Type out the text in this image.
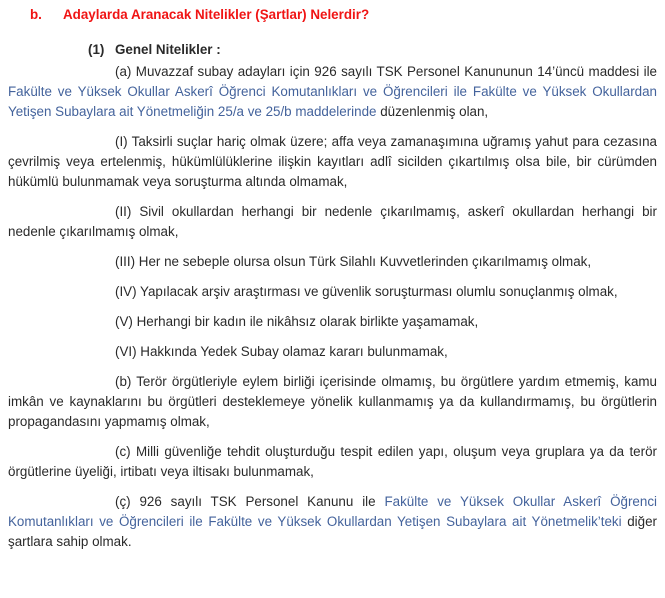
b. Adaylarda Aranacak Nitelikler (Şartlar) Nelerdir?

(1) Genel Nitelikler :

(a) Muvazzaf subay adayları için 926 sayılı TSK Personel Kanununun 14’üncü maddesi ile Fakülte ve Yüksek Okullar Askerî Öğrenci Komutanlıkları ve Öğrencileri ile Fakülte ve Yüksek Okullardan Yetişen Subaylara ait Yönetmeliğin 25/a ve 25/b maddelerinde düzenlenmiş olan,

(I) Taksirli suçlar hariç olmak üzere; affa veya zamanaşımına uğramış yahut para cezasına çevrilmiş veya ertelenmiş, hükümlülüklerine ilişkin kayıtları adlî sicilden çıkartılmış olsa bile, bir cürümden hükümlü bulunmamak veya soruşturma altında olmamak,

(II) Sivil okullardan herhangi bir nedenle çıkarılmamış, askerî okullardan herhangi bir nedenle çıkarılmamış olmak,

(III) Her ne sebeple olursa olsun Türk Silahlı Kuvvetlerinden çıkarılmamış olmak,

(IV) Yapılacak arşiv araştırması ve güvenlik soruşturması olumlu sonuçlanmış olmak,

(V) Herhangi bir kadın ile nikâhsız olarak birlikte yaşamamak,

(VI) Hakkında Yedek Subay olamaz kararı bulunmamak,

(b) Terör örgütleriyle eylem birliği içerisinde olmamış, bu örgütlere yardım etmemiş, kamu imkân ve kaynaklarını bu örgütleri desteklemeye yönelik kullanmamış ya da kullandırmamış, bu örgütlerin propagandasını yapmamış olmak,

(c) Milli güvenliğe tehdit oluşturduğu tespit edilen yapı, oluşum veya gruplara ya da terör örgütlerine üyeliği, irtibatı veya iltisakı bulunmamak,

(ç) 926 sayılı TSK Personel Kanunu ile Fakülte ve Yüksek Okullar Askerî Öğrenci Komutanlıkları ve Öğrencileri ile Fakülte ve Yüksek Okullardan Yetişen Subaylara ait Yönetmelik’teki diğer şartlara sahip olmak.
